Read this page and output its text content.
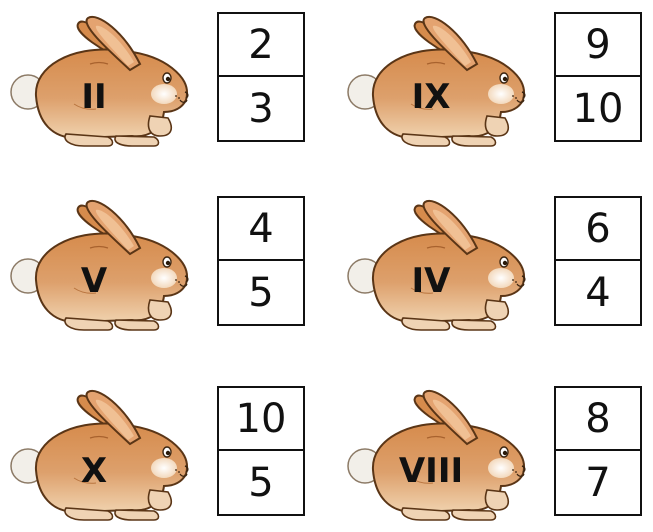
II
2
3	IX
9
10
V
4
5	IV
6
4
X
10
5	VIII
8
7
